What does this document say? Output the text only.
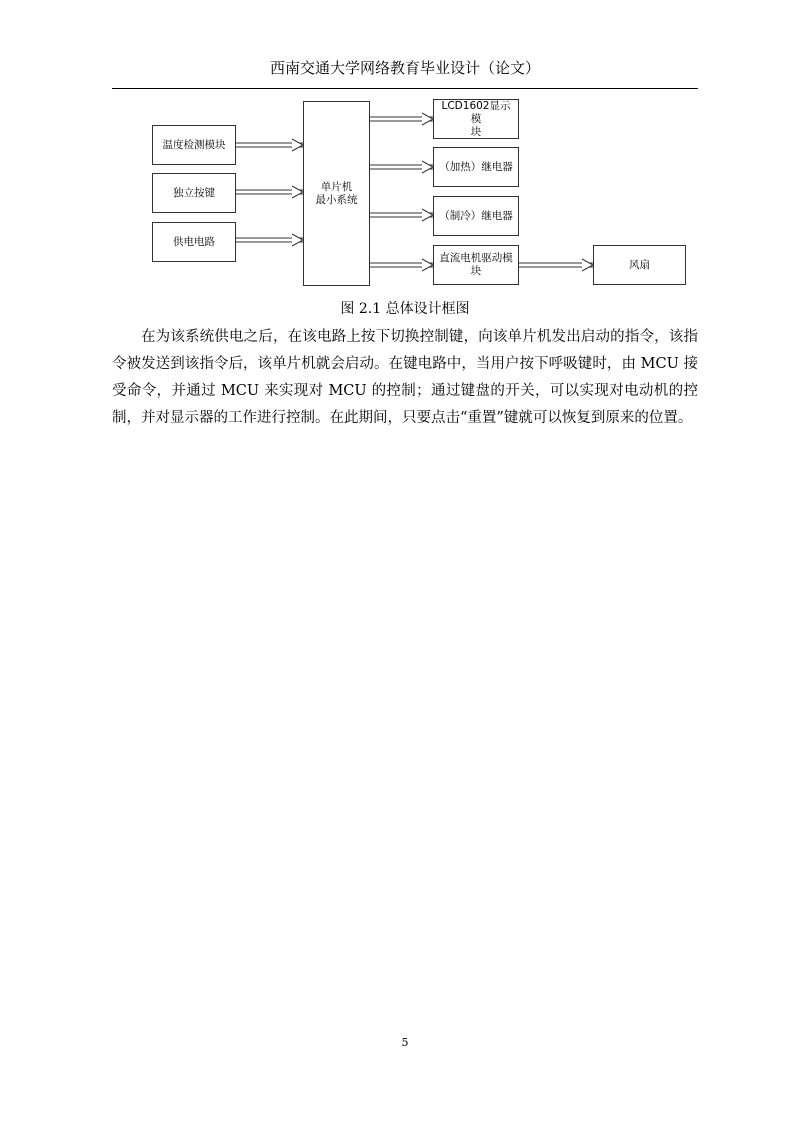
西南交通大学网络教育毕业设计（论文）
温度检测模块
独立按键
供电电路
单片机
最小系统
LCD1602显示模
块
（加热）继电器
（制冷）继电器
直流电机驱动模
块
风扇
图 2.1 总体设计框图

在为该系统供电之后，在该电路上按下切换控制键，向该单片机发出启动的指令，该指令被发送到该指令后，该单片机就会启动。在键电路中，当用户按下呼吸键时，由 MCU 接受命令，并通过 MCU 来实现对 MCU 的控制；通过键盘的开关，可以实现对电动机的控制，并对显示器的工作进行控制。在此期间，只要点击“重置”键就可以恢复到原来的位置。

5
